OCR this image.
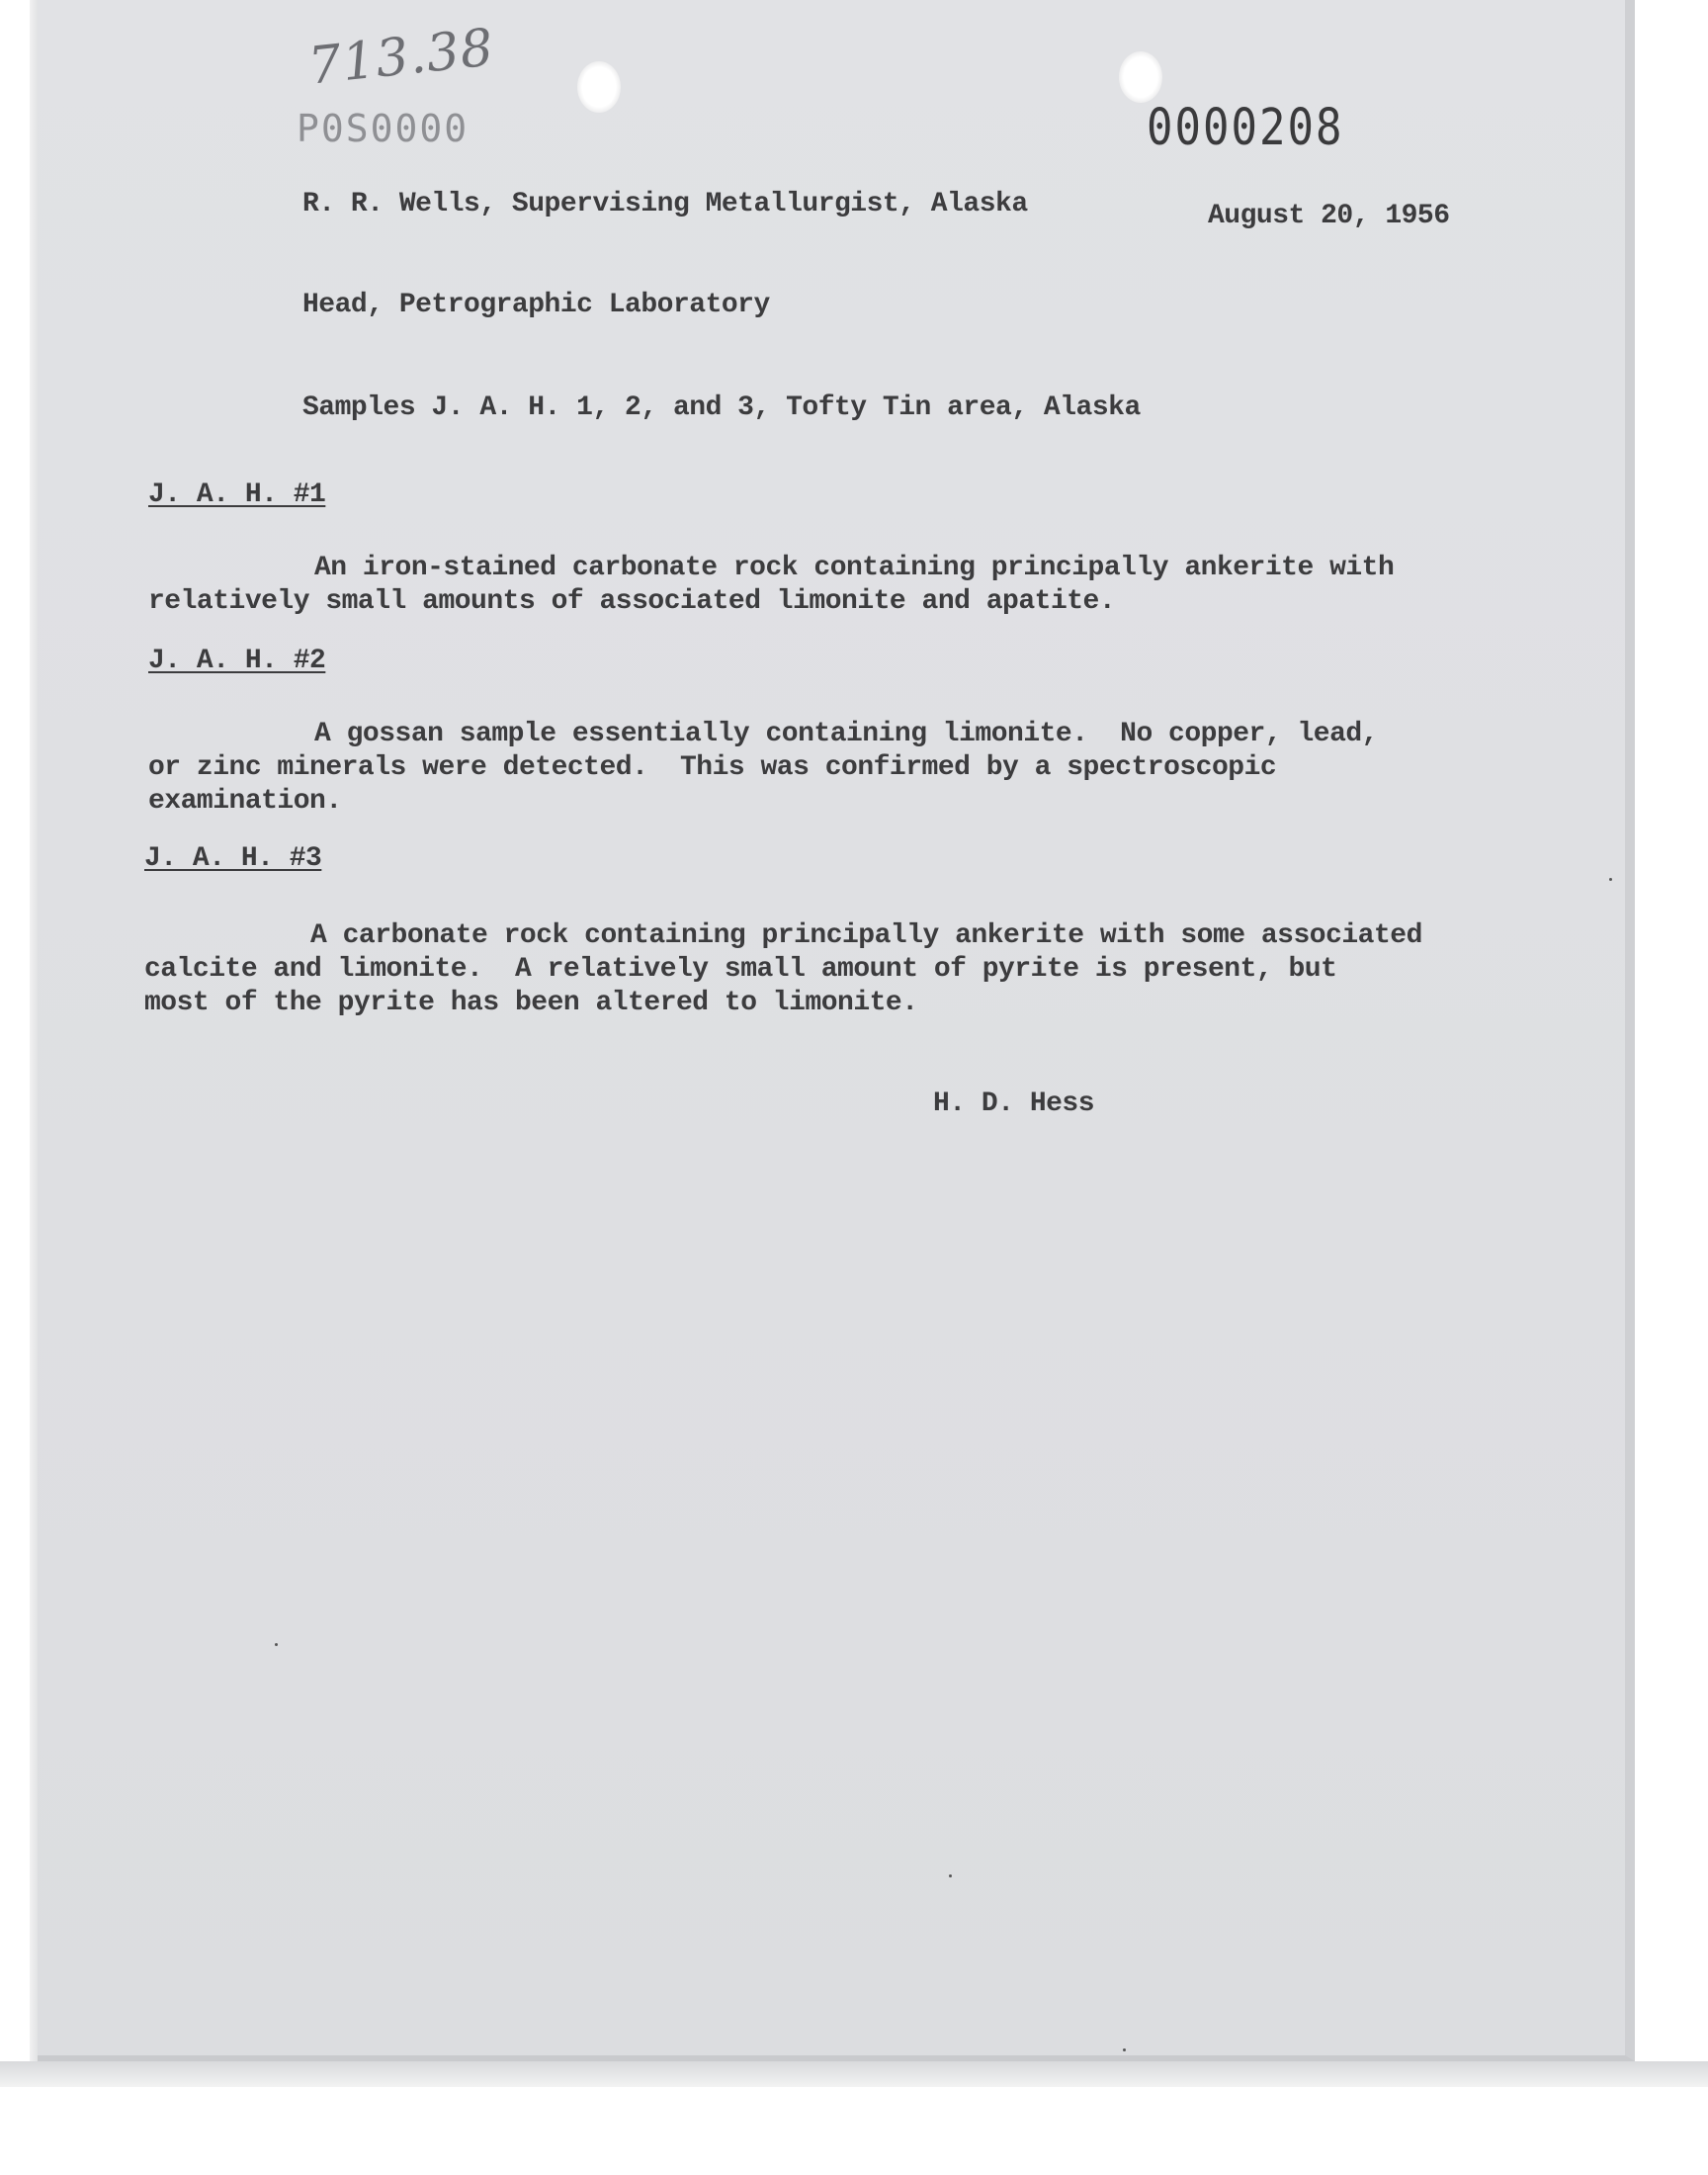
713.38
P0S0000	0000208
R. R. Wells, Supervising Metallurgist, Alaska	August 20, 1956
Head, Petrographic Laboratory
Samples J. A. H. 1, 2, and 3, Tofty Tin area, Alaska
J. A. H. #1
An iron-stained carbonate rock containing principally ankerite with
relatively small amounts of associated limonite and apatite.
J. A. H. #2
A gossan sample essentially containing limonite.  No copper, lead,
or zinc minerals were detected.  This was confirmed by a spectroscopic
examination.
J. A. H. #3
A carbonate rock containing principally ankerite with some associated
calcite and limonite.  A relatively small amount of pyrite is present, but
most of the pyrite has been altered to limonite.
H. D. Hess
